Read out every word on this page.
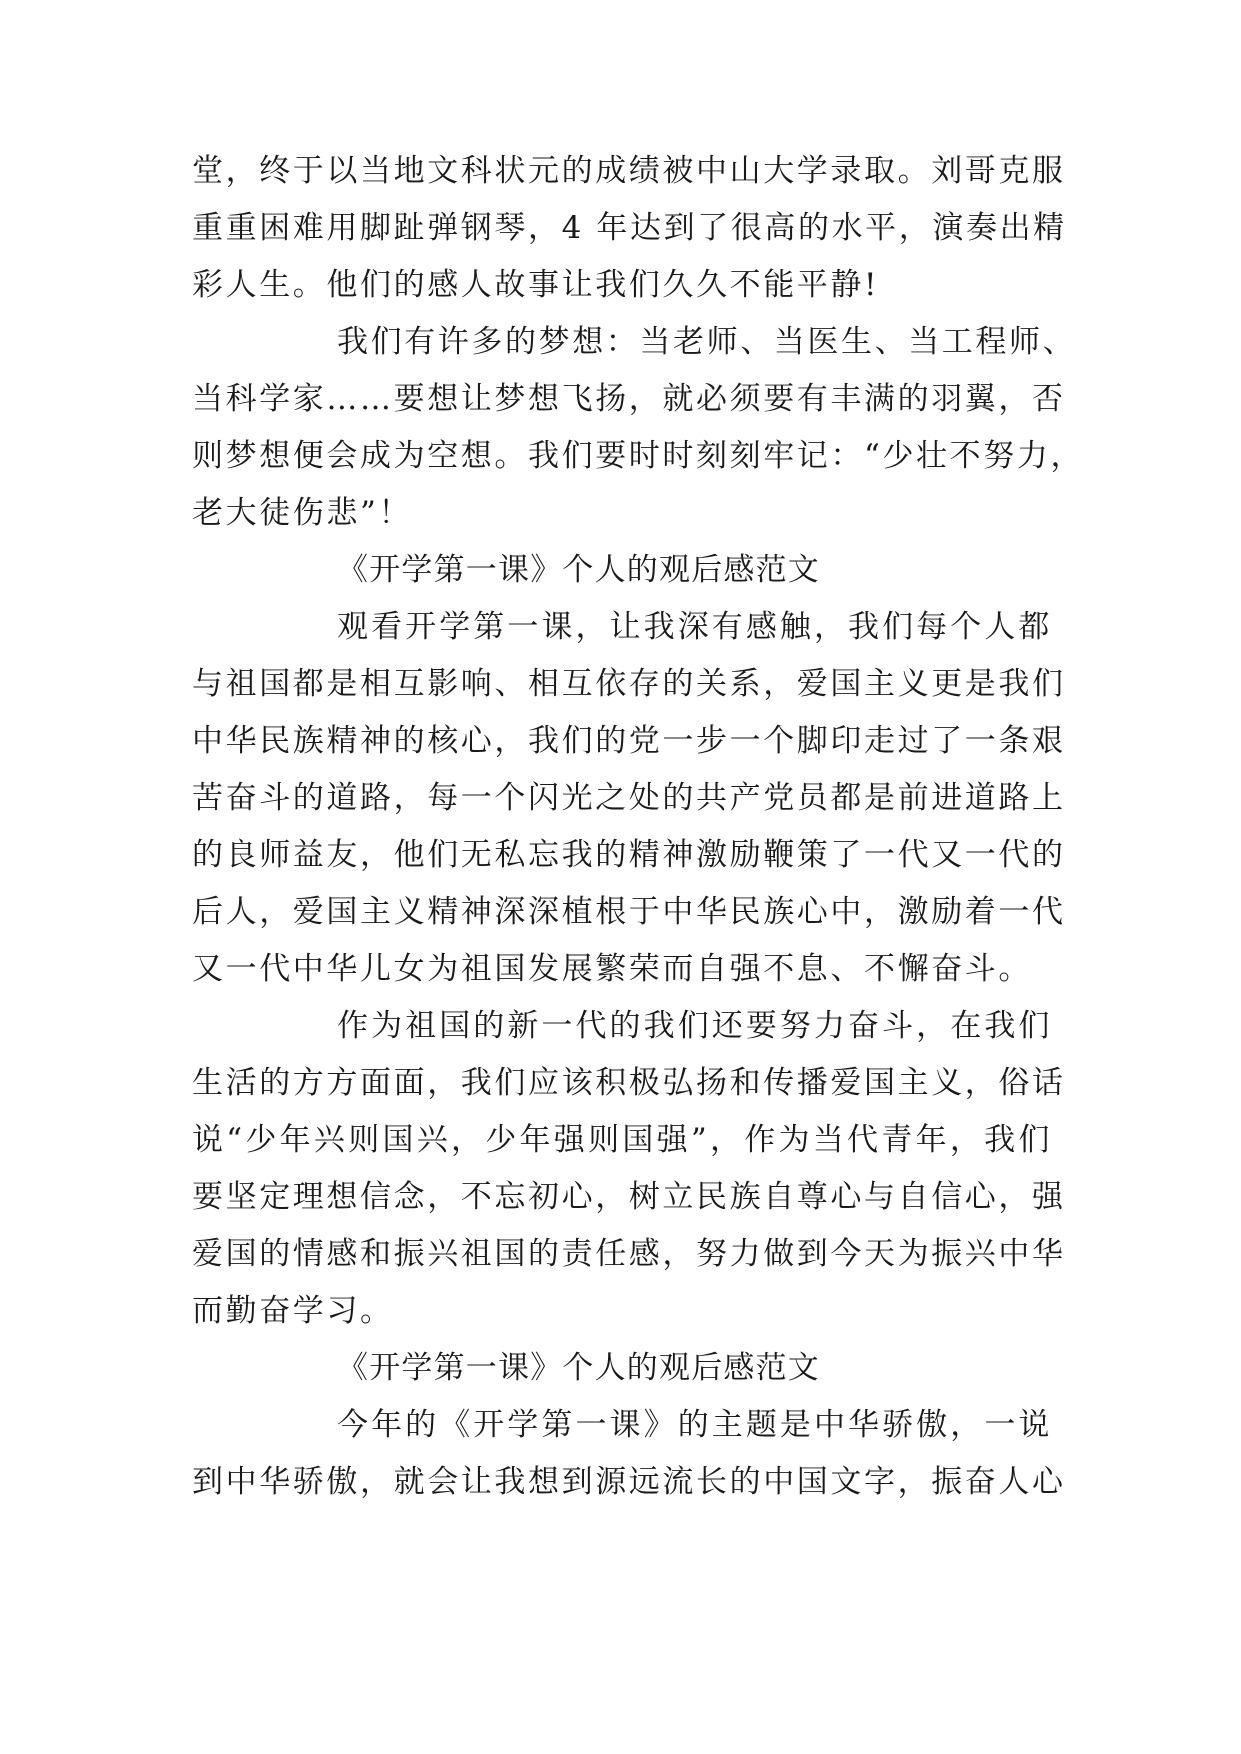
堂，终于以当地文科状元的成绩被中山大学录取。刘哥克服
重重困难用脚趾弹钢琴，4 年达到了很高的水平，演奏出精
彩人生。他们的感人故事让我们久久不能平静!
我们有许多的梦想：当老师、当医生、当工程师、
当科学家……要想让梦想飞扬，就必须要有丰满的羽翼，否
则梦想便会成为空想。我们要时时刻刻牢记：“少壮不努力，
老大徒伤悲”！
《开学第一课》个人的观后感范文
观看开学第一课，让我深有感触，我们每个人都
与祖国都是相互影响、相互依存的关系，爱国主义更是我们
中华民族精神的核心，我们的党一步一个脚印走过了一条艰
苦奋斗的道路，每一个闪光之处的共产党员都是前进道路上
的良师益友，他们无私忘我的精神激励鞭策了一代又一代的
后人，爱国主义精神深深植根于中华民族心中，激励着一代
又一代中华儿女为祖国发展繁荣而自强不息、不懈奋斗。
作为祖国的新一代的我们还要努力奋斗，在我们
生活的方方面面，我们应该积极弘扬和传播爱国主义，俗话
说“少年兴则国兴，少年强则国强”，作为当代青年，我们
要坚定理想信念，不忘初心，树立民族自尊心与自信心，强
爱国的情感和振兴祖国的责任感，努力做到今天为振兴中华
而勤奋学习。
《开学第一课》个人的观后感范文
今年的《开学第一课》的主题是中华骄傲，一说
到中华骄傲，就会让我想到源远流长的中国文字，振奋人心
